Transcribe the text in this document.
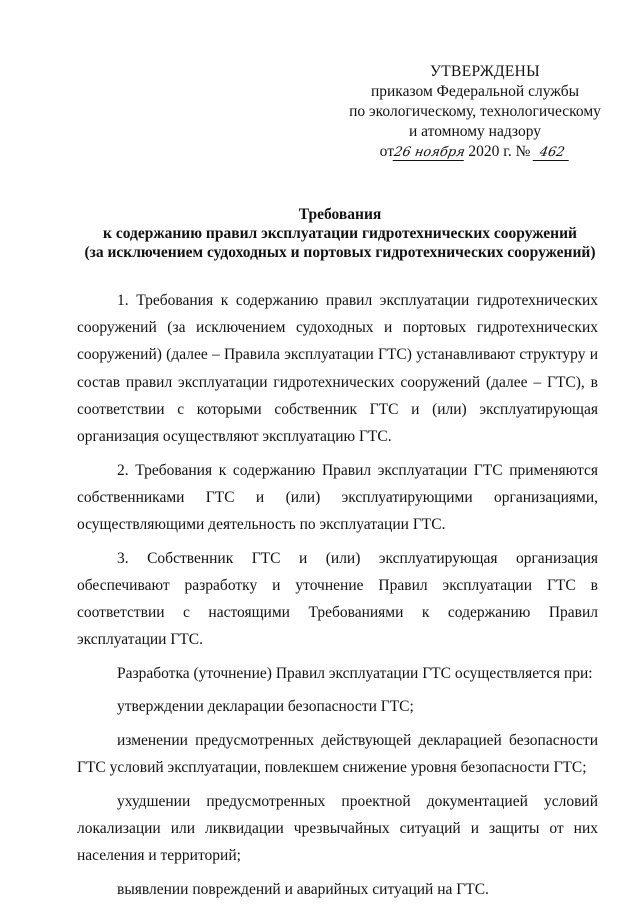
УТВЕРЖДЕНЫ
приказом Федеральной службы
по экологическому, технологическому
и атомному надзору
от26 ноября 2020 г. № 462
Требования
к содержанию правил эксплуатации гидротехнических сооружений
(за исключением судоходных и портовых гидротехнических сооружений)

1. Требования к содержанию правил эксплуатации гидротехнических сооружений (за исключением судоходных и портовых гидротехнических сооружений) (далее – Правила эксплуатации ГТС) устанавливают структуру и состав правил эксплуатации гидротехнических сооружений (далее – ГТС), в соответствии с которыми собственник ГТС и (или) эксплуатирующая организация осуществляют эксплуатацию ГТС.

2. Требования к содержанию Правил эксплуатации ГТС применяются собственниками ГТС и (или) эксплуатирующими организациями, осуществляющими деятельность по эксплуатации ГТС.

3. Собственник ГТС и (или) эксплуатирующая организация обеспечивают разработку и уточнение Правил эксплуатации ГТС в соответствии с настоящими Требованиями к содержанию Правил эксплуатации ГТС.

Разработка (уточнение) Правил эксплуатации ГТС осуществляется при:

утверждении декларации безопасности ГТС;

изменении предусмотренных действующей декларацией безопасности ГТС условий эксплуатации, повлекшем снижение уровня безопасности ГТС;

ухудшении предусмотренных проектной документацией условий локализации или ликвидации чрезвычайных ситуаций и защиты от них населения и территорий;

выявлении повреждений и аварийных ситуаций на ГТС.
